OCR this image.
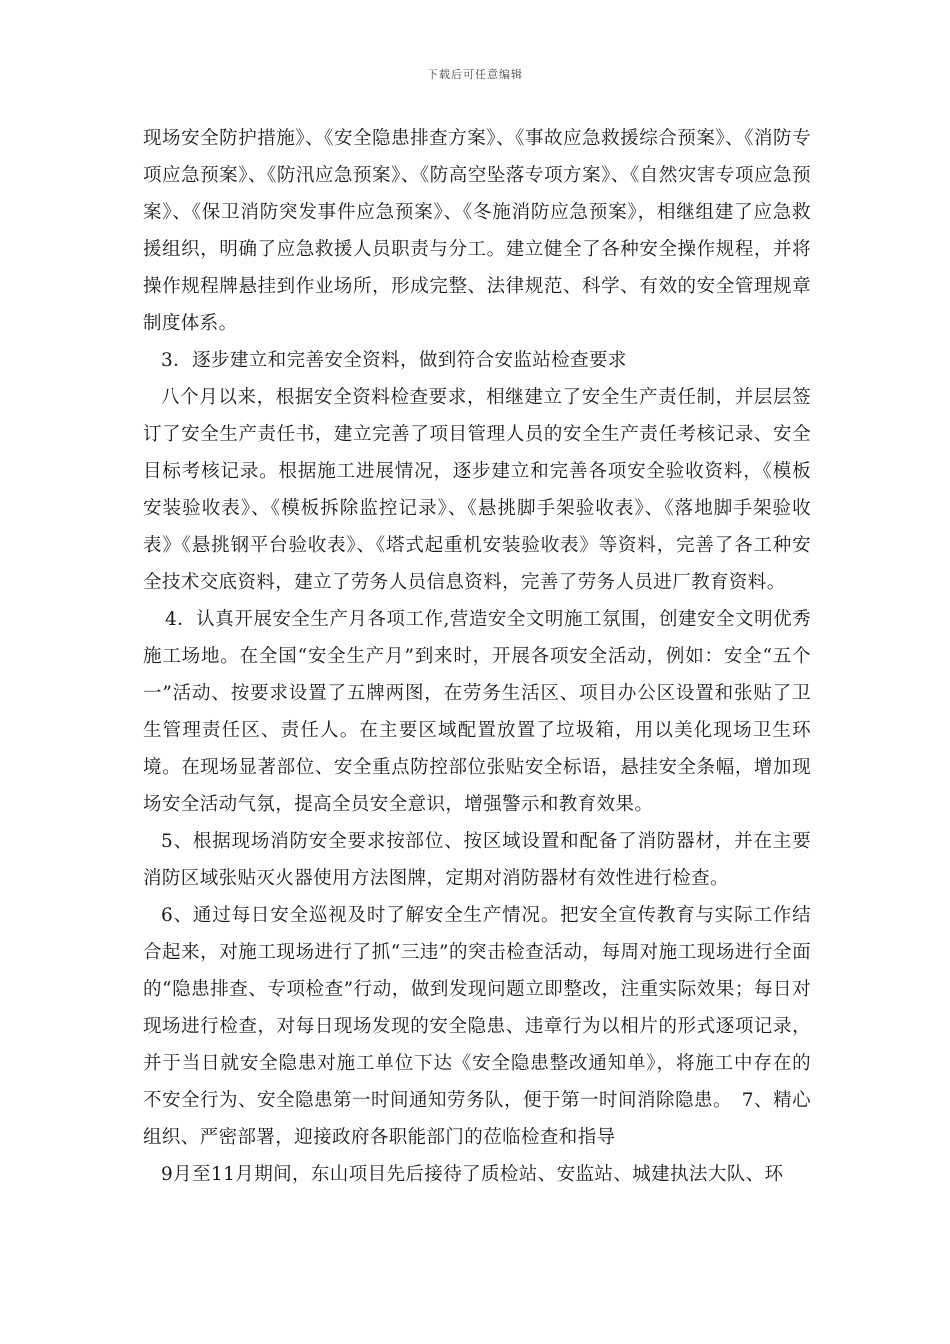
下载后可任意编辑

现场安全防护措施》、《安全隐患排查方案》、《事故应急救援综合预案》、《消防专项应急预案》、《防汛应急预案》、《防高空坠落专项方案》、《自然灾害专项应急预案》、《保卫消防突发事件应急预案》、《冬施消防应急预案》，相继组建了应急救援组织，明确了应急救援人员职责与分工。建立健全了各种安全操作规程，并将操作规程牌悬挂到作业场所，形成完整、法律规范、科学、有效的安全管理规章制度体系。

3．逐步建立和完善安全资料，做到符合安监站检查要求

八个月以来，根据安全资料检查要求，相继建立了安全生产责任制，并层层签订了安全生产责任书，建立完善了项目管理人员的安全生产责任考核记录、安全目标考核记录。根据施工进展情况，逐步建立和完善各项安全验收资料，《模板安装验收表》、《模板拆除监控记录》、《悬挑脚手架验收表》、《落地脚手架验收表》《悬挑钢平台验收表》、《塔式起重机安装验收表》等资料，完善了各工种安全技术交底资料，建立了劳务人员信息资料，完善了劳务人员进厂教育资料。

4．认真开展安全生产月各项工作,营造安全文明施工氛围，创建安全文明优秀施工场地。在全国“安全生产月”到来时，开展各项安全活动，例如：安全“五个一”活动、按要求设置了五牌两图，在劳务生活区、项目办公区设置和张贴了卫生管理责任区、责任人。在主要区域配置放置了垃圾箱，用以美化现场卫生环境。在现场显著部位、安全重点防控部位张贴安全标语，悬挂安全条幅，增加现场安全活动气氛，提高全员安全意识，增强警示和教育效果。

5、根据现场消防安全要求按部位、按区域设置和配备了消防器材，并在主要消防区域张贴灭火器使用方法图牌，定期对消防器材有效性进行检查。

6、通过每日安全巡视及时了解安全生产情况。把安全宣传教育与实际工作结合起来，对施工现场进行了抓“三违”的突击检查活动，每周对施工现场进行全面的“隐患排查、专项检查”行动，做到发现问题立即整改，注重实际效果；每日对现场进行检查，对每日现场发现的安全隐患、违章行为以相片的形式逐项记录，并于当日就安全隐患对施工单位下达《安全隐患整改通知单》，将施工中存在的不安全行为、安全隐患第一时间通知劳务队，便于第一时间消除隐患。　7、精心组织、严密部署，迎接政府各职能部门的莅临检查和指导

9月至11月期间，东山项目先后接待了质检站、安监站、城建执法大队、环
